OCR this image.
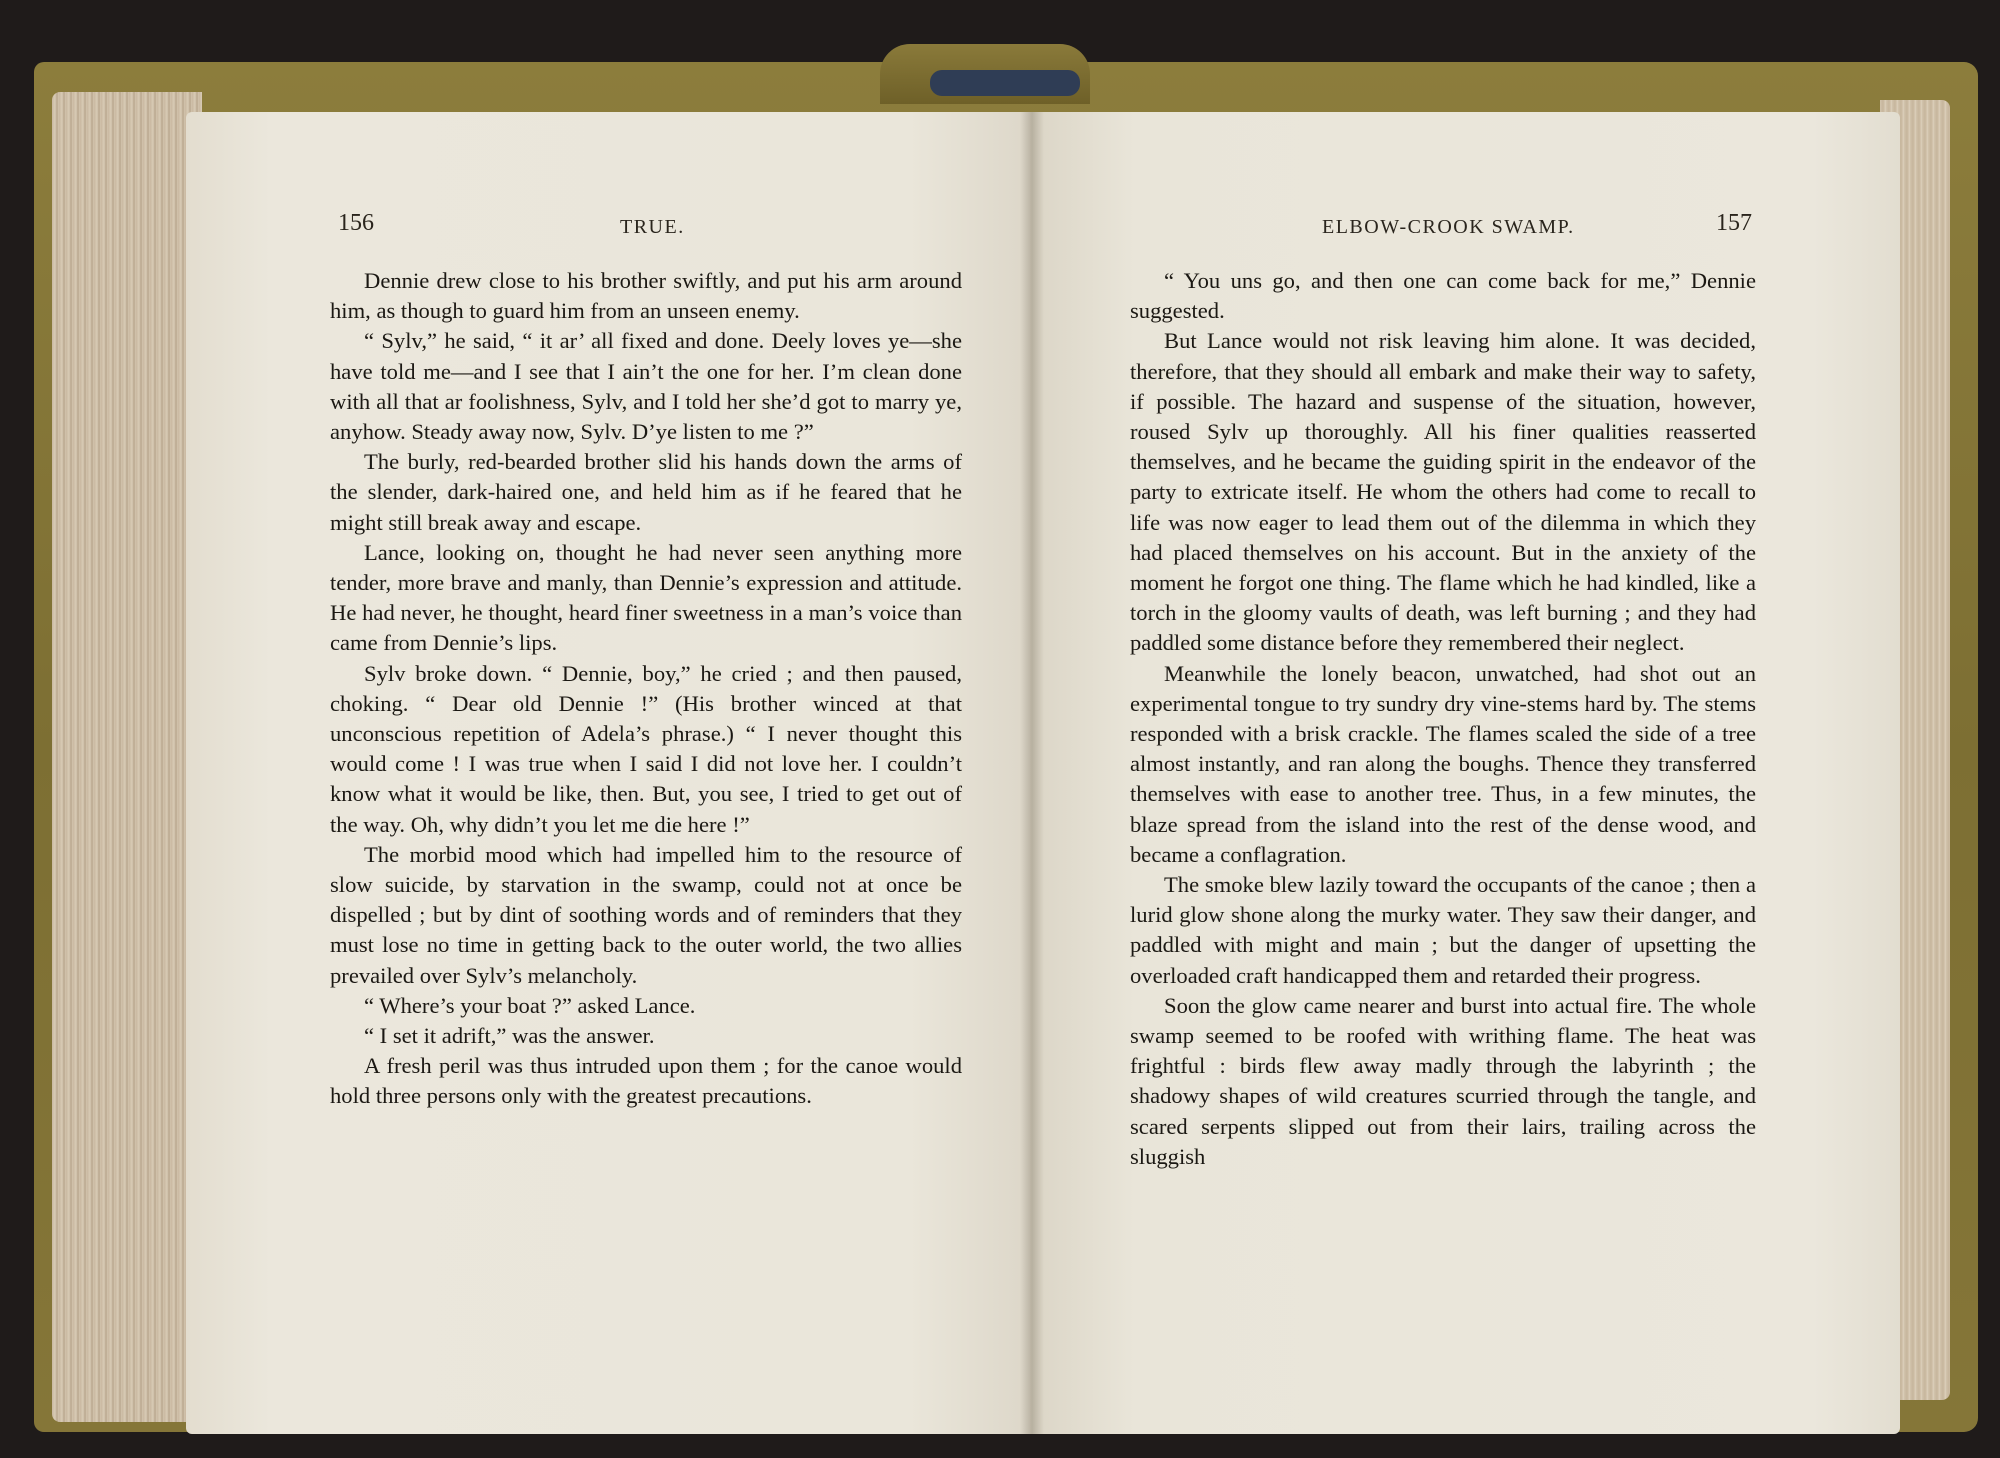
156	TRUE.	ELBOW-CROOK SWAMP.	157

Dennie drew close to his brother swiftly, and put his arm around him, as though to guard him from an unseen enemy.

“ Sylv,” he said, “ it ar’ all fixed and done. Deely loves ye—she have told me—and I see that I ain’t the one for her. I’m clean done with all that ar foolishness, Sylv, and I told her she’d got to marry ye, anyhow. Steady away now, Sylv. D’ye listen to me ?”

The burly, red-bearded brother slid his hands down the arms of the slender, dark-haired one, and held him as if he feared that he might still break away and escape.

Lance, looking on, thought he had never seen anything more tender, more brave and manly, than Dennie’s expression and attitude. He had never, he thought, heard finer sweetness in a man’s voice than came from Dennie’s lips.

Sylv broke down. “ Dennie, boy,” he cried ; and then paused, choking. “ Dear old Dennie !” (His brother winced at that unconscious repetition of Adela’s phrase.) “ I never thought this would come ! I was true when I said I did not love her. I couldn’t know what it would be like, then. But, you see, I tried to get out of the way. Oh, why didn’t you let me die here !”

The morbid mood which had impelled him to the resource of slow suicide, by starvation in the swamp, could not at once be dispelled ; but by dint of soothing words and of reminders that they must lose no time in getting back to the outer world, the two allies prevailed over Sylv’s melancholy.

“ Where’s your boat ?” asked Lance.

“ I set it adrift,” was the answer.

A fresh peril was thus intruded upon them ; for the canoe would hold three persons only with the greatest precautions.

“ You uns go, and then one can come back for me,” Dennie suggested.

But Lance would not risk leaving him alone. It was decided, therefore, that they should all embark and make their way to safety, if possible. The hazard and suspense of the situation, however, roused Sylv up thoroughly. All his finer qualities reasserted themselves, and he became the guiding spirit in the endeavor of the party to extricate itself. He whom the others had come to recall to life was now eager to lead them out of the dilemma in which they had placed themselves on his account. But in the anxiety of the moment he forgot one thing. The flame which he had kindled, like a torch in the gloomy vaults of death, was left burning ; and they had paddled some distance before they remembered their neglect.

Meanwhile the lonely beacon, unwatched, had shot out an experimental tongue to try sundry dry vine-stems hard by. The stems responded with a brisk crackle. The flames scaled the side of a tree almost instantly, and ran along the boughs. Thence they transferred themselves with ease to another tree. Thus, in a few minutes, the blaze spread from the island into the rest of the dense wood, and became a conflagration.

The smoke blew lazily toward the occupants of the canoe ; then a lurid glow shone along the murky water. They saw their danger, and paddled with might and main ; but the danger of upsetting the overloaded craft handicapped them and retarded their progress.

Soon the glow came nearer and burst into actual fire. The whole swamp seemed to be roofed with writhing flame. The heat was frightful : birds flew away madly through the labyrinth ; the shadowy shapes of wild creatures scurried through the tangle, and scared serpents slipped out from their lairs, trailing across the sluggish
